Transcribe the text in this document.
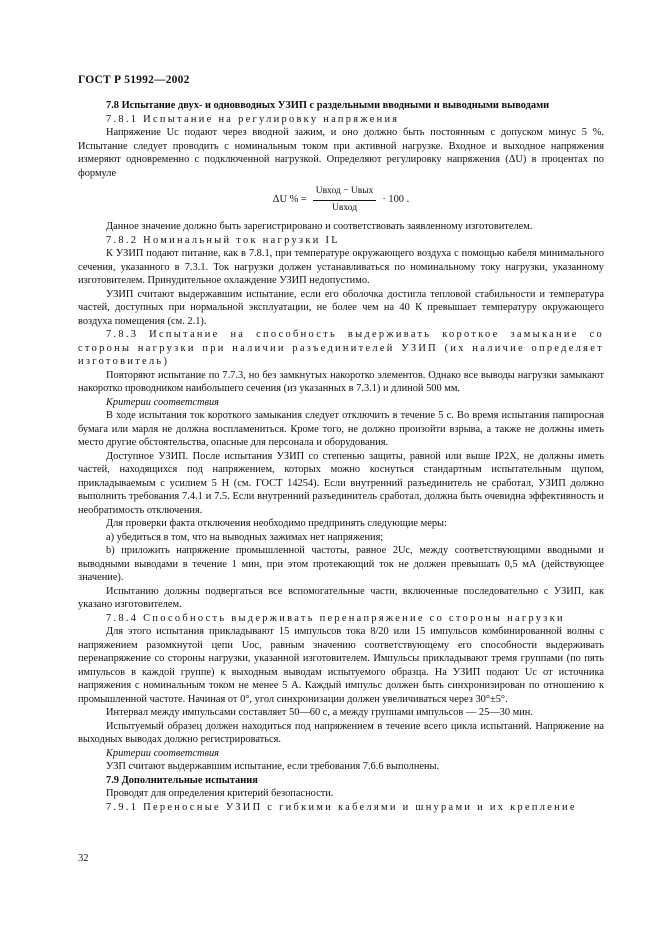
ГОСТ Р 51992—2002

7.8 Испытание двух- и одновводных УЗИП с раздельными вводными и выводными выводами

7.8.1 Испытание на регулировку напряжения

Напряжение Uc подают через вводной зажим, и оно должно быть постоянным с допуском минус 5 %. Испытание следует проводить с номинальным током при активной нагрузке. Входное и выходное напряжения измеряют одновременно с подключенной нагрузкой. Определяют регулировку напряжения (ΔU) в процентах по формуле

ΔU % = $\frac{\text{Uвход − Uвых}}{\text{Uвход}} \cdot 100$ .

Данное значение должно быть зарегистрировано и соответствовать заявленному изготовителем.

7.8.2 Номинальный ток нагрузки IL

К УЗИП подают питание, как в 7.8.1, при температуре окружающего воздуха с помощью кабеля минимального сечения, указанного в 7.3.1. Ток нагрузки должен устанавливаться по номинальному току нагрузки, указанному изготовителем. Принудительное охлаждение УЗИП недопустимо.

УЗИП считают выдержавшим испытание, если его оболочка достигла тепловой стабильности и температура частей, доступных при нормальной эксплуатации, не более чем на 40 К превышает температуру окружающего воздуха помещения (см. 2.1).

7.8.3 Испытание на способность выдерживать короткое замыкание со стороны нагрузки при наличии разъединителей УЗИП (их наличие определяет изготовитель)

Повторяют испытание по 7.7.3, но без замкнутых накоротко элементов. Однако все выводы нагрузки замыкают накоротко проводником наибольшего сечения (из указанных в 7.3.1) и длиной 500 мм.

Критерии соответствия

В ходе испытания ток короткого замыкания следует отключить в течение 5 с. Во время испытания папиросная бумага или марля не должна воспламениться. Кроме того, не должно произойти взрыва, а также не должны иметь место другие обстоятельства, опасные для персонала и оборудования.

Доступное УЗИП. После испытания УЗИП со степенью защиты, равной или выше IP2X, не должны иметь частей, находящихся под напряжением, которых можно коснуться стандартным испытательным щупом, прикладываемым с усилием 5 Н (см. ГОСТ 14254). Если внутренний разъединитель не сработал, УЗИП должно выполнить требования 7.4.1 и 7.5. Если внутренний разъединитель сработал, должна быть очевидна эффективность и необратимость отключения.

Для проверки факта отключения необходимо предпринять следующие меры:

а) убедиться в том, что на выводных зажимах нет напряжения;

b) приложить напряжение промышленной частоты, равное 2Uc, между соответствующими вводными и выводными выводами в течение 1 мин, при этом протекающий ток не должен превышать 0,5 мА (действующее значение).

Испытанию должны подвергаться все вспомогательные части, включенные последовательно с УЗИП, как указано изготовителем.

7.8.4 Способность выдерживать перенапряжение со стороны нагрузки

Для этого испытания прикладывают 15 импульсов тока 8/20 или 15 импульсов комбинированной волны с напряжением разомкнутой цепи Uoc, равным значению соответствующему его способности выдерживать перенапряжение со стороны нагрузки, указанной изготовителем. Импульсы прикладывают тремя группами (по пять импульсов в каждой группе) к выходным выводам испытуемого образца. На УЗИП подают Uc от источника напряжения с номинальным током не менее 5 А. Каждый импульс должен быть синхронизирован по отношению к промышленной частоте. Начиная от 0°, угол синхронизации должен увеличиваться через 30°±5°.

Интервал между импульсами составляет 50—60 с, а между группами импульсов — 25—30 мин.

Испытуемый образец должен находиться под напряжением в течение всего цикла испытаний. Напряжение на выходных выводах должно регистрироваться.

Критерии соответствия

УЗП считают выдержавшим испытание, если требования 7.6.6 выполнены.

7.9 Дополнительные испытания

Проводят для определения критерий безопасности.

7.9.1 Переносные УЗИП с гибкими кабелями и шнурами и их крепление

32
